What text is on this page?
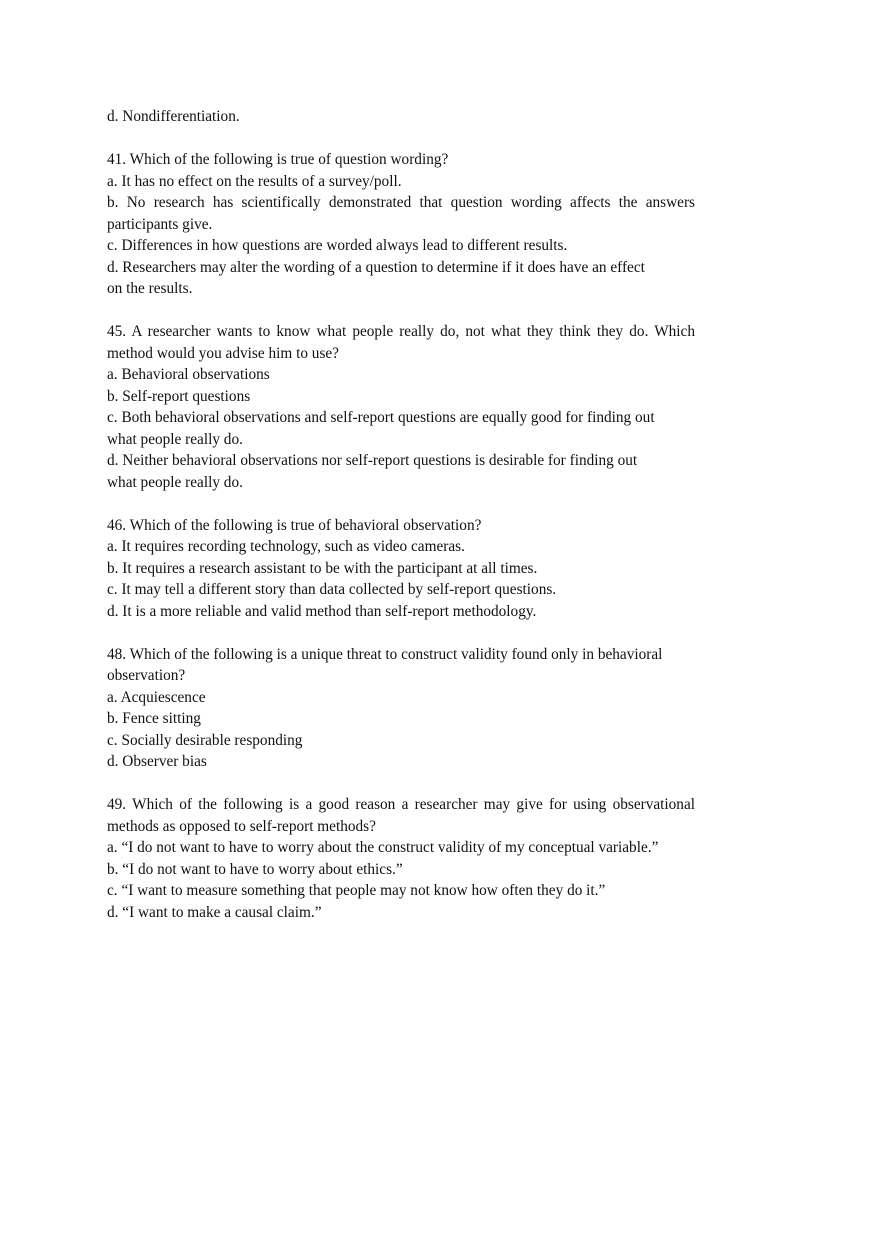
d. Nondifferentiation.
41. Which of the following is true of question wording?
a. It has no effect on the results of a survey/poll.
b. No research has scientifically demonstrated that question wording affects the answers
participants give.
c. Differences in how questions are worded always lead to different results.
d. Researchers may alter the wording of a question to determine if it does have an effect
on the results.
45. A researcher wants to know what people really do, not what they think they do. Which
method would you advise him to use?
a. Behavioral observations
b. Self-report questions
c. Both behavioral observations and self-report questions are equally good for finding out
what people really do.
d. Neither behavioral observations nor self-report questions is desirable for finding out
what people really do.
46. Which of the following is true of behavioral observation?
a. It requires recording technology, such as video cameras.
b. It requires a research assistant to be with the participant at all times.
c. It may tell a different story than data collected by self-report questions.
d. It is a more reliable and valid method than self-report methodology.
48. Which of the following is a unique threat to construct validity found only in behavioral
observation?
a. Acquiescence
b. Fence sitting
c. Socially desirable responding
d. Observer bias
49. Which of the following is a good reason a researcher may give for using observational
methods as opposed to self-report methods?
a. “I do not want to have to worry about the construct validity of my conceptual variable.”
b. “I do not want to have to worry about ethics.”
c. “I want to measure something that people may not know how often they do it.”
d. “I want to make a causal claim.”
